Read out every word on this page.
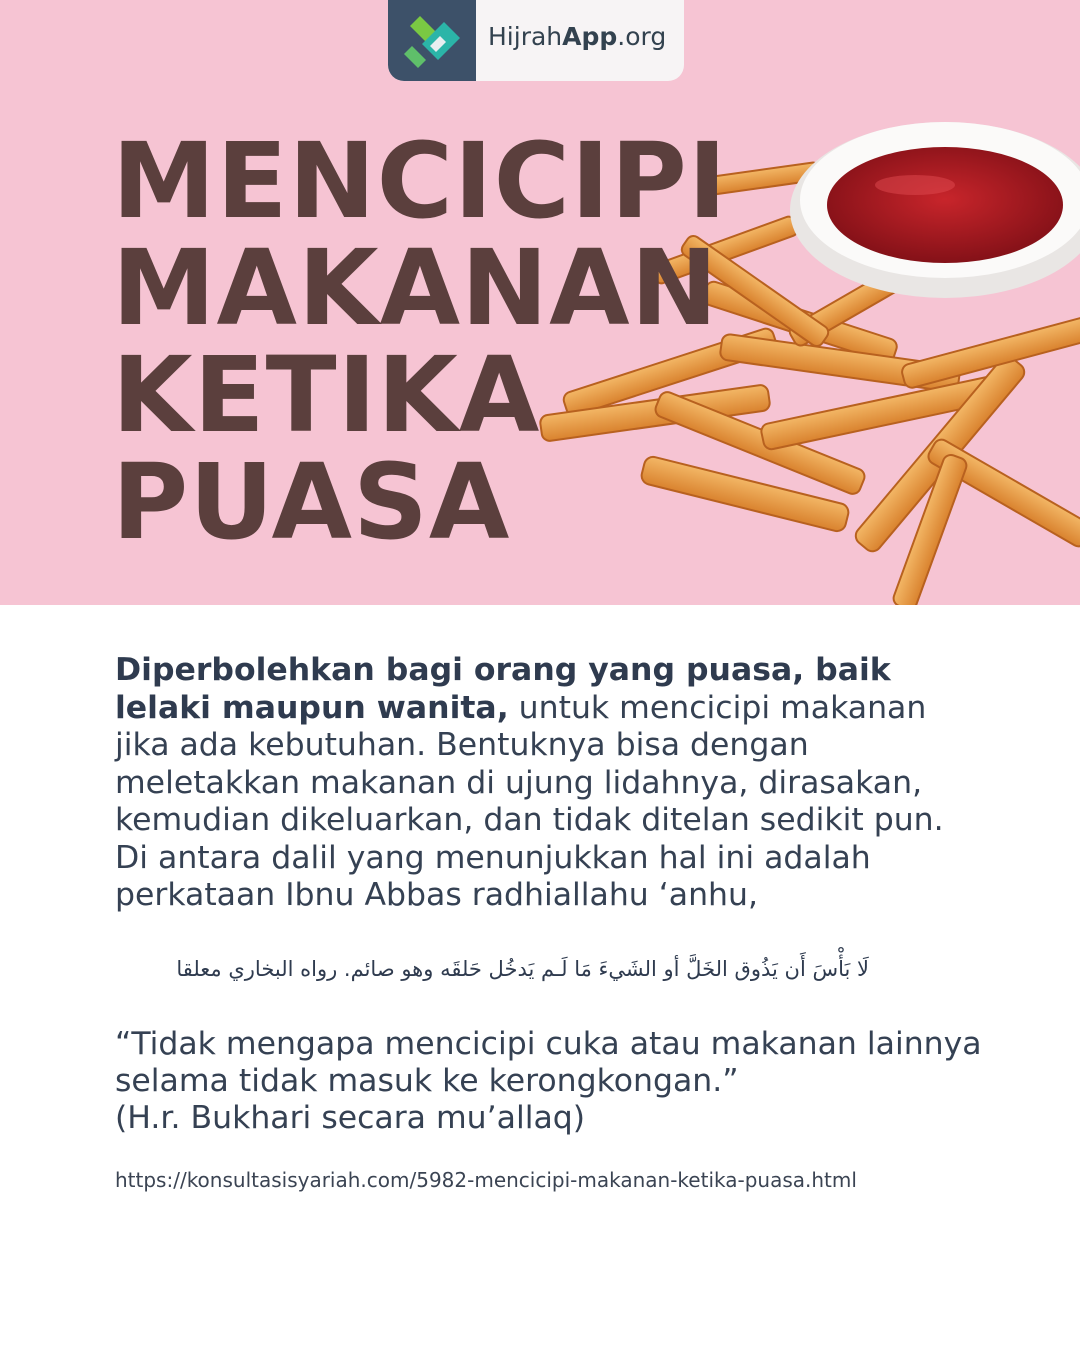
HijrahApp.org
MENCICIPI
MAKANAN
KETIKA
PUASA

Diperbolehkan bagi orang yang puasa, baik lelaki maupun wanita, untuk mencicipi makanan jika ada kebutuhan. Bentuknya bisa dengan meletakkan makanan di ujung lidahnya, dirasakan, kemudian dikeluarkan, dan tidak ditelan sedikit pun. Di antara dalil yang menunjukkan hal ini adalah perkataan Ibnu Abbas radhiallahu ‘anhu,

لَا بَأْسَ أَن يَذُوق الخَلَّ أو الشَيءَ مَا لَـم يَدخُل حَلقَه وهو صائم. رواه البخاري معلقا

“Tidak mengapa mencicipi cuka atau makanan lainnya selama tidak masuk ke kerongkongan.”
(H.r. Bukhari secara mu’allaq)

https://konsultasisyariah.com/5982-mencicipi-makanan-ketika-puasa.html
